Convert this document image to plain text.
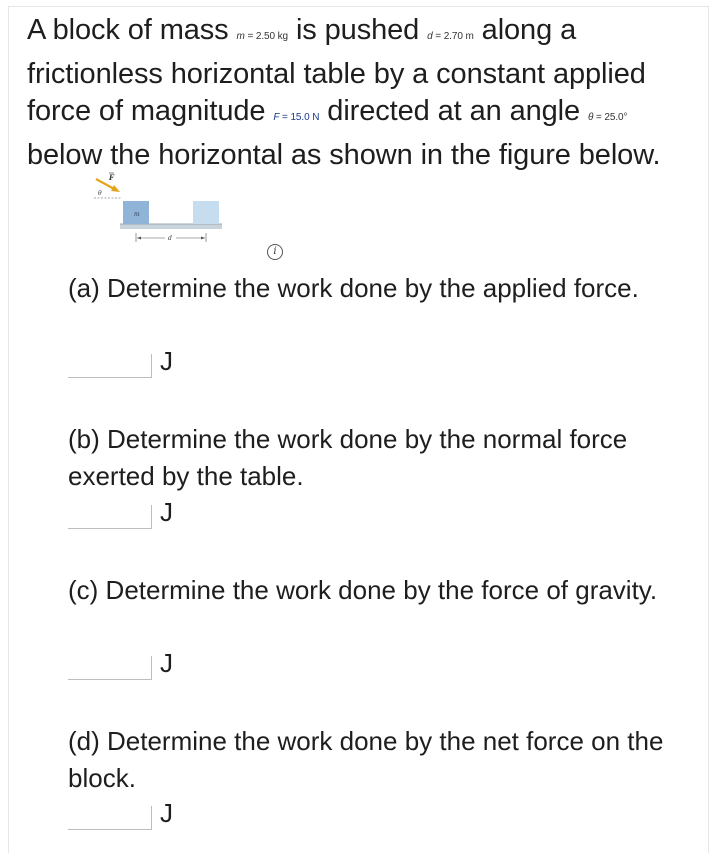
A block of mass m = 2.50 kg is pushed d = 2.70 m along a frictionless horizontal table by a constant applied force of magnitude F = 15.0 N directed at an angle θ = 25.0° below the horizontal as shown in the figure below.
m
F
θ
d
i
(a) Determine the work done by the applied force.
J
(b) Determine the work done by the normal force exerted by the table.
J
(c) Determine the work done by the force of gravity.
J
(d) Determine the work done by the net force on the block.
J
